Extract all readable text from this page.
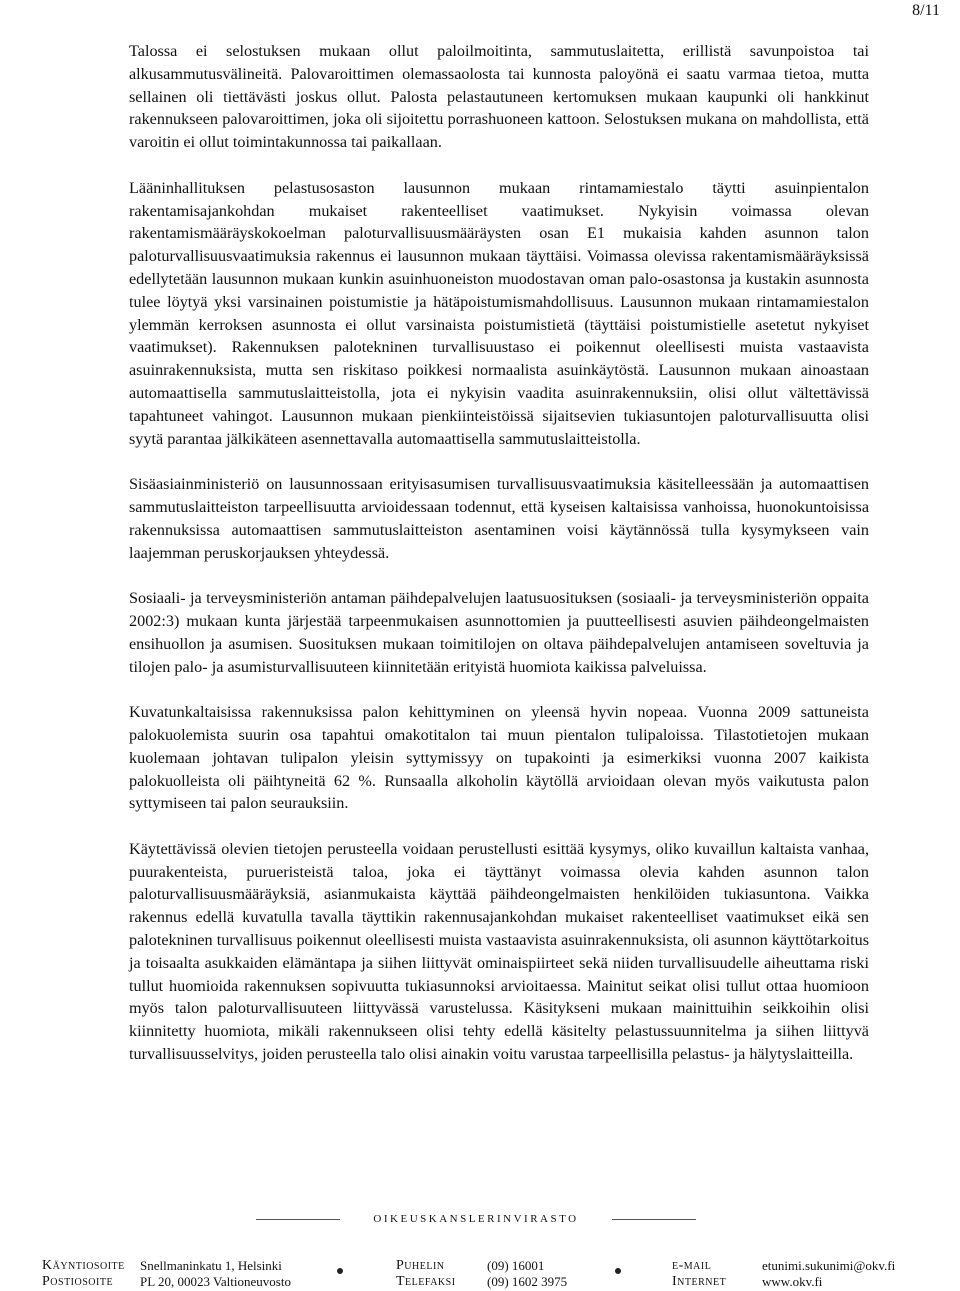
8/11

Talossa ei selostuksen mukaan ollut paloilmoitinta, sammutuslaitetta, erillistä savunpoistoa tai alkusammutusvälineitä. Palovaroittimen olemassaolosta tai kunnosta paloyönä ei saatu varmaa tietoa, mutta sellainen oli tiettävästi joskus ollut. Palosta pelastautuneen kertomuksen mukaan kaupunki oli hankkinut rakennukseen palovaroittimen, joka oli sijoitettu porrashuoneen kattoon. Selostuksen mukana on mahdollista, että varoitin ei ollut toimintakunnossa tai paikallaan.

Lääninhallituksen pelastusosaston lausunnon mukaan rintamamiestalo täytti asuinpientalon rakentamisajankohdan mukaiset rakenteelliset vaatimukset. Nykyisin voimassa olevan rakentamismääräyskokoelman paloturvallisuusmääräysten osan E1 mukaisia kahden asunnon talon paloturvallisuusvaatimuksia rakennus ei lausunnon mukaan täyttäisi. Voimassa olevissa rakentamismääräyksissä edellytetään lausunnon mukaan kunkin asuinhuoneiston muodostavan oman palo-osastonsa ja kustakin asunnosta tulee löytyä yksi varsinainen poistumistie ja hätäpoistumismahdollisuus. Lausunnon mukaan rintamamiestalon ylemmän kerroksen asunnosta ei ollut varsinaista poistumistietä (täyttäisi poistumistielle asetetut nykyiset vaatimukset). Rakennuksen palotekninen turvallisuustaso ei poikennut oleellisesti muista vastaavista asuinrakennuksista, mutta sen riskitaso poikkesi normaalista asuinkäytöstä. Lausunnon mukaan ainoastaan automaattisella sammutuslaitteistolla, jota ei nykyisin vaadita asuinrakennuksiin, olisi ollut vältettävissä tapahtuneet vahingot. Lausunnon mukaan pienkiinteistöissä sijaitsevien tukiasuntojen paloturvallisuutta olisi syytä parantaa jälkikäteen asennettavalla automaattisella sammutuslaitteistolla.

Sisäasiainministeriö on lausunnossaan erityisasumisen turvallisuusvaatimuksia käsitelleessään ja automaattisen sammutuslaitteiston tarpeellisuutta arvioidessaan todennut, että kyseisen kaltaisissa vanhoissa, huonokuntoisissa rakennuksissa automaattisen sammutuslaitteiston asentaminen voisi käytännössä tulla kysymykseen vain laajemman peruskorjauksen yhteydessä.

Sosiaali- ja terveysministeriön antaman päihdepalvelujen laatusuosituksen (sosiaali- ja terveysministeriön oppaita 2002:3) mukaan kunta järjestää tarpeenmukaisen asunnottomien ja puutteellisesti asuvien päihdeongelmaisten ensihuollon ja asumisen. Suosituksen mukaan toimitilojen on oltava päihdepalvelujen antamiseen soveltuvia ja tilojen palo- ja asumisturvallisuuteen kiinnitetään erityistä huomiota kaikissa palveluissa.

Kuvatunkaltaisissa rakennuksissa palon kehittyminen on yleensä hyvin nopeaa. Vuonna 2009 sattuneista palokuolemista suurin osa tapahtui omakotitalon tai muun pientalon tulipaloissa. Tilastotietojen mukaan kuolemaan johtavan tulipalon yleisin syttymissyy on tupakointi ja esimerkiksi vuonna 2007 kaikista palokuolleista oli päihtyneitä 62 %. Runsaalla alkoholin käytöllä arvioidaan olevan myös vaikutusta palon syttymiseen tai palon seurauksiin.

Käytettävissä olevien tietojen perusteella voidaan perustellusti esittää kysymys, oliko kuvaillun kaltaista vanhaa, puurakenteista, purueristeistä taloa, joka ei täyttänyt voimassa olevia kahden asunnon talon paloturvallisuusmääräyksiä, asianmukaista käyttää päihdeongelmaisten henkilöiden tukiasuntona. Vaikka rakennus edellä kuvatulla tavalla täyttikin rakennusajankohdan mukaiset rakenteelliset vaatimukset eikä sen palotekninen turvallisuus poikennut oleellisesti muista vastaavista asuinrakennuksista, oli asunnon käyttötarkoitus ja toisaalta asukkaiden elämäntapa ja siihen liittyvät ominaispiirteet sekä niiden turvallisuudelle aiheuttama riski tullut huomioida rakennuksen sopivuutta tukiasunnoksi arvioitaessa. Mainitut seikat olisi tullut ottaa huomioon myös talon paloturvallisuuteen liittyvässä varustelussa. Käsitykseni mukaan mainittuihin seikkoihin olisi kiinnitetty huomiota, mikäli rakennukseen olisi tehty edellä käsitelty pelastussuunnitelma ja siihen liittyvä turvallisuusselvitys, joiden perusteella talo olisi ainakin voitu varustaa tarpeellisilla pelastus- ja hälytyslaitteilla.

OIKEUSKANSLERINVIRASTO
Käyntiosoite Snellmaninkatu 1, Helsinki
Postiosoite PL 20, 00023 Valtioneuvosto
Puhelin	(09) 16001
Telefaksi (09) 1602 3975
e-mail	etunimi.sukunimi@okv.fi
Internet	www.okv.fi
